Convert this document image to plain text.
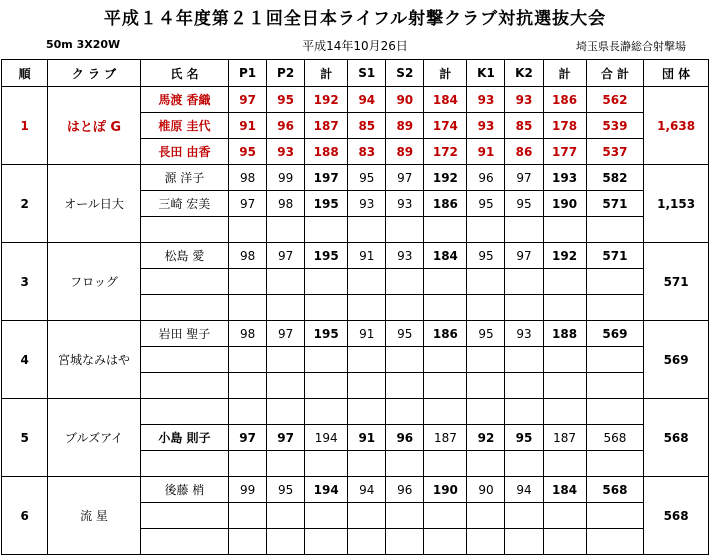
平成１４年度第２１回全日本ライフル射撃クラブ対抗選抜大会
50m 3X20W	平成14年10月26日	埼玉県長瀞総合射撃場
順	ク ラ ブ	氏 名	P1	P2	計	S1	S2	計	K1	K2	計	合 計	団 体
1	はとぽ G	馬渡 香織	97	95	192	94	90	184	93	93	186	562	1,638
		椎原 圭代	91	96	187	85	89	174	93	85	178	539	
		長田 由香	95	93	188	83	89	172	91	86	177	537	
2	オール日大	源 洋子	98	99	197	95	97	192	96	97	193	582	1,153
		三崎 宏美	97	98	195	93	93	186	95	95	190	571	

3	フロッグ	松島 愛	98	97	195	91	93	184	95	97	192	571	571

4	宮城なみはや	岩田 聖子	98	97	195	91	95	186	95	93	188	569	569

5	ブルズアイ												568
		小島 則子	97	97	194	91	96	187	92	95	187	568	

6	流 星	後藤 梢	99	95	194	94	96	190	90	94	184	568	568
